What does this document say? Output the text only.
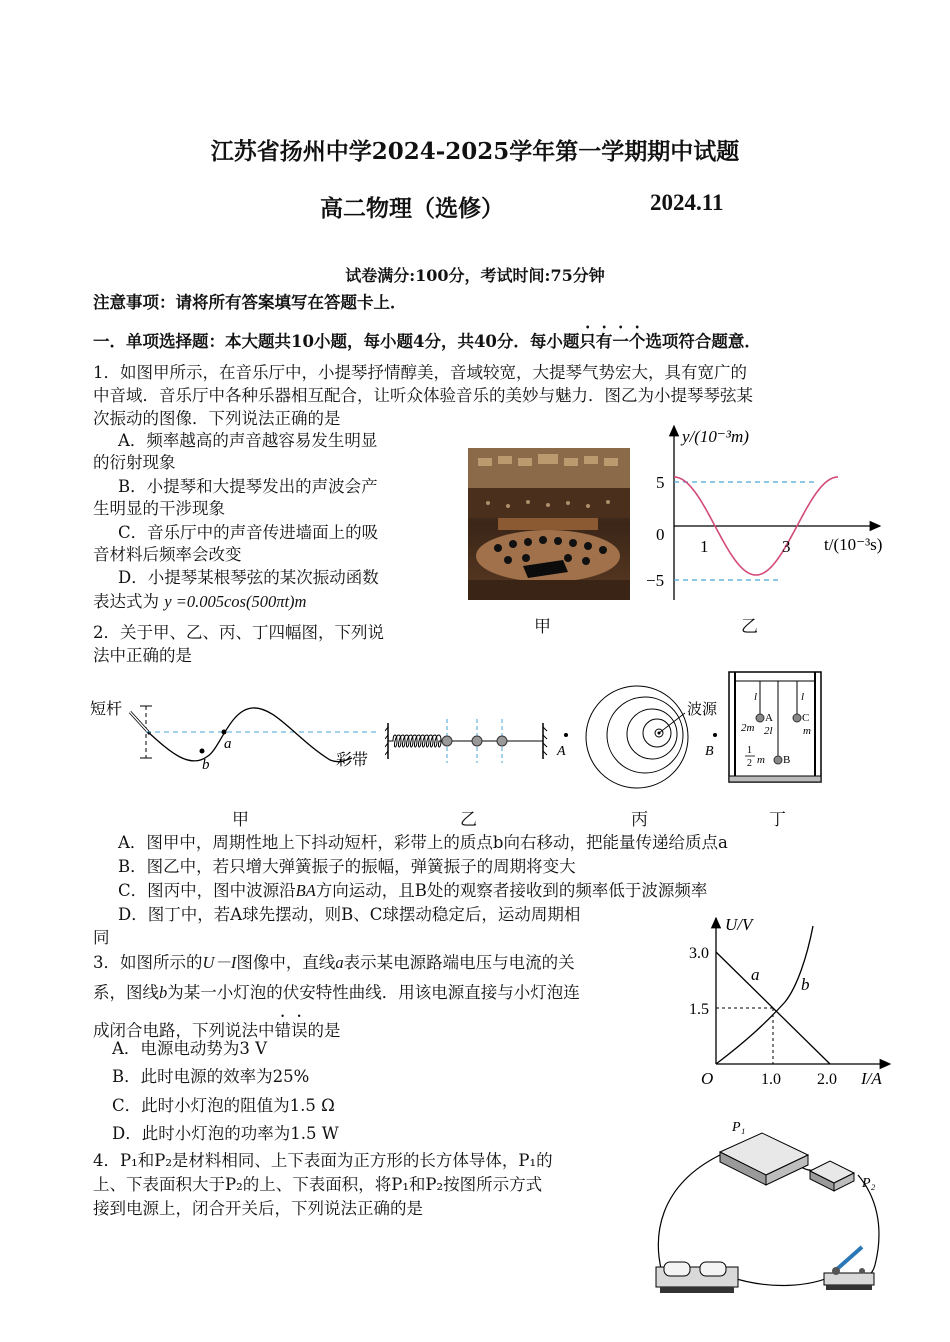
江苏省扬州中学2024-2025学年第一学期期中试题
高二物理（选修）	2024.11
试卷满分:100分，考试时间:75分钟
注意事项：请将所有答案填写在答题卡上．
一．单项选择题：本大题共10小题，每小题4分，共40分．每小题只有一个选项符合题意．
1．如图甲所示，在音乐厅中，小提琴抒情醇美，音域较宽，大提琴气势宏大，具有宽广的
中音域．音乐厅中各种乐器相互配合，让听众体验音乐的美妙与魅力．图乙为小提琴琴弦某
次振动的图像．下列说法正确的是
A．频率越高的声音越容易发生明显
的衍射现象
B．小提琴和大提琴发出的声波会产
生明显的干涉现象
C．音乐厅中的声音传进墙面上的吸
音材料后频率会改变
D．小提琴某根琴弦的某次振动函数
表达式为 y =0.005cos(500πt)m
甲
y/(10⁻³m)
t/(10⁻³s)
5
0
−5
1	3
乙
2．关于甲、乙、丙、丁四幅图，下列说
法中正确的是
短杆
a
b	彩带
甲	乙
波源
A	B
丙
l	l
2l
A	C
B
2m	m
1
2 m
丁
A．图甲中，周期性地上下抖动短杆，彩带上的质点b向右移动，把能量传递给质点a
B．图乙中，若只增大弹簧振子的振幅，弹簧振子的周期将变大
C．图丙中，图中波源沿BA方向运动，且B处的观察者接收到的频率低于波源频率
D．图丁中，若A球先摆动，则B、C球摆动稳定后，运动周期相
同
3．如图所示的U－I图像中，直线a表示某电源路端电压与电流的关
系，图线b为某一小灯泡的伏安特性曲线．用该电源直接与小灯泡连
成闭合电路，下列说法中错误的是
A．电源电动势为3 V
B．此时电源的效率为25%
C．此时小灯泡的阻值为1.5 Ω
D．此时小灯泡的功率为1.5 W
U/V
I/A
3.0
1.5
O	1.0 2.0
a
b
4．P₁和P₂是材料相同、上下表面为正方形的长方体导体，P₁的
上、下表面积大于P₂的上、下表面积，将P₁和P₂按图所示方式
接到电源上，闭合开关后，下列说法正确的是
P₁
P₂
